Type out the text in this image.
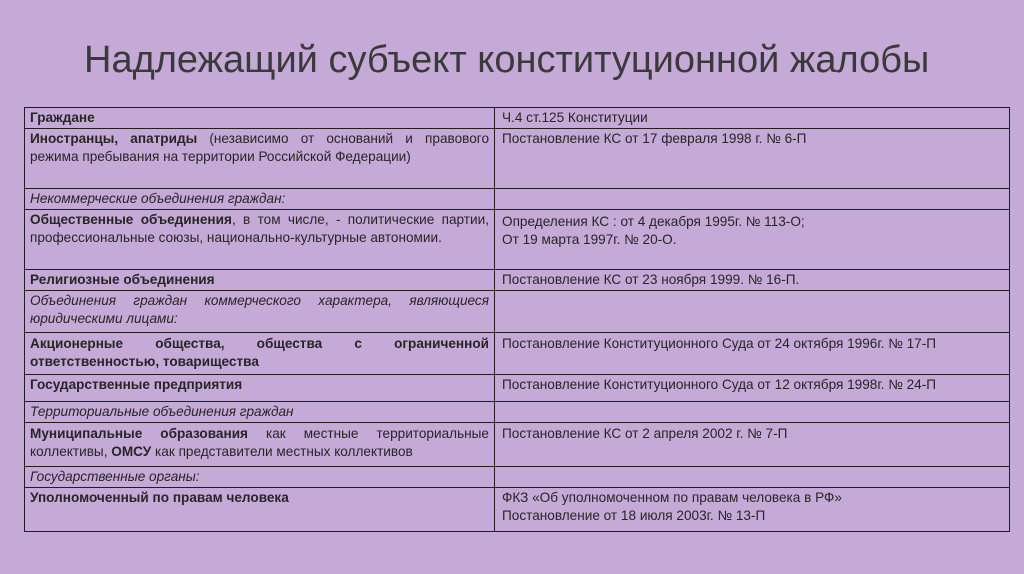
Надлежащий субъект конституционной жалобы
Граждане	Ч.4 ст.125 Конституции

Иностранцы, апатриды (независимо от оснований и правового режима пребывания на территории Российской Федерации)	Постановление КС от 17 февраля 1998 г. № 6-П

Некоммерческие объединения граждан:	
Общественные объединения, в том числе, - политические партии, профессиональные союзы, национально-культурные автономии.	Определения КС : от 4 декабря 1995г. № 113-О;
От 19 марта 1997г. № 20-О.

Религиозные объединения	Постановление КС от 23 ноября 1999. № 16-П.

Объединения граждан коммерческого характера, являющиеся юридическими лицами:	
Акционерные общества, общества с ограниченной ответственностью, товарищества	Постановление Конституционного Суда от 24 октября 1996г. № 17-П

Государственные предприятия	Постановление Конституционного Суда от 12 октября 1998г. № 24-П

Территориальные объединения граждан	
Муниципальные образования как местные территориальные коллективы, ОМСУ как представители местных коллективов	Постановление КС от 2 апреля 2002 г. № 7-П

Государственные органы:	
Уполномоченный по правам человека	ФКЗ «Об уполномоченном по правам человека в РФ»
Постановление от 18 июля 2003г. № 13-П
